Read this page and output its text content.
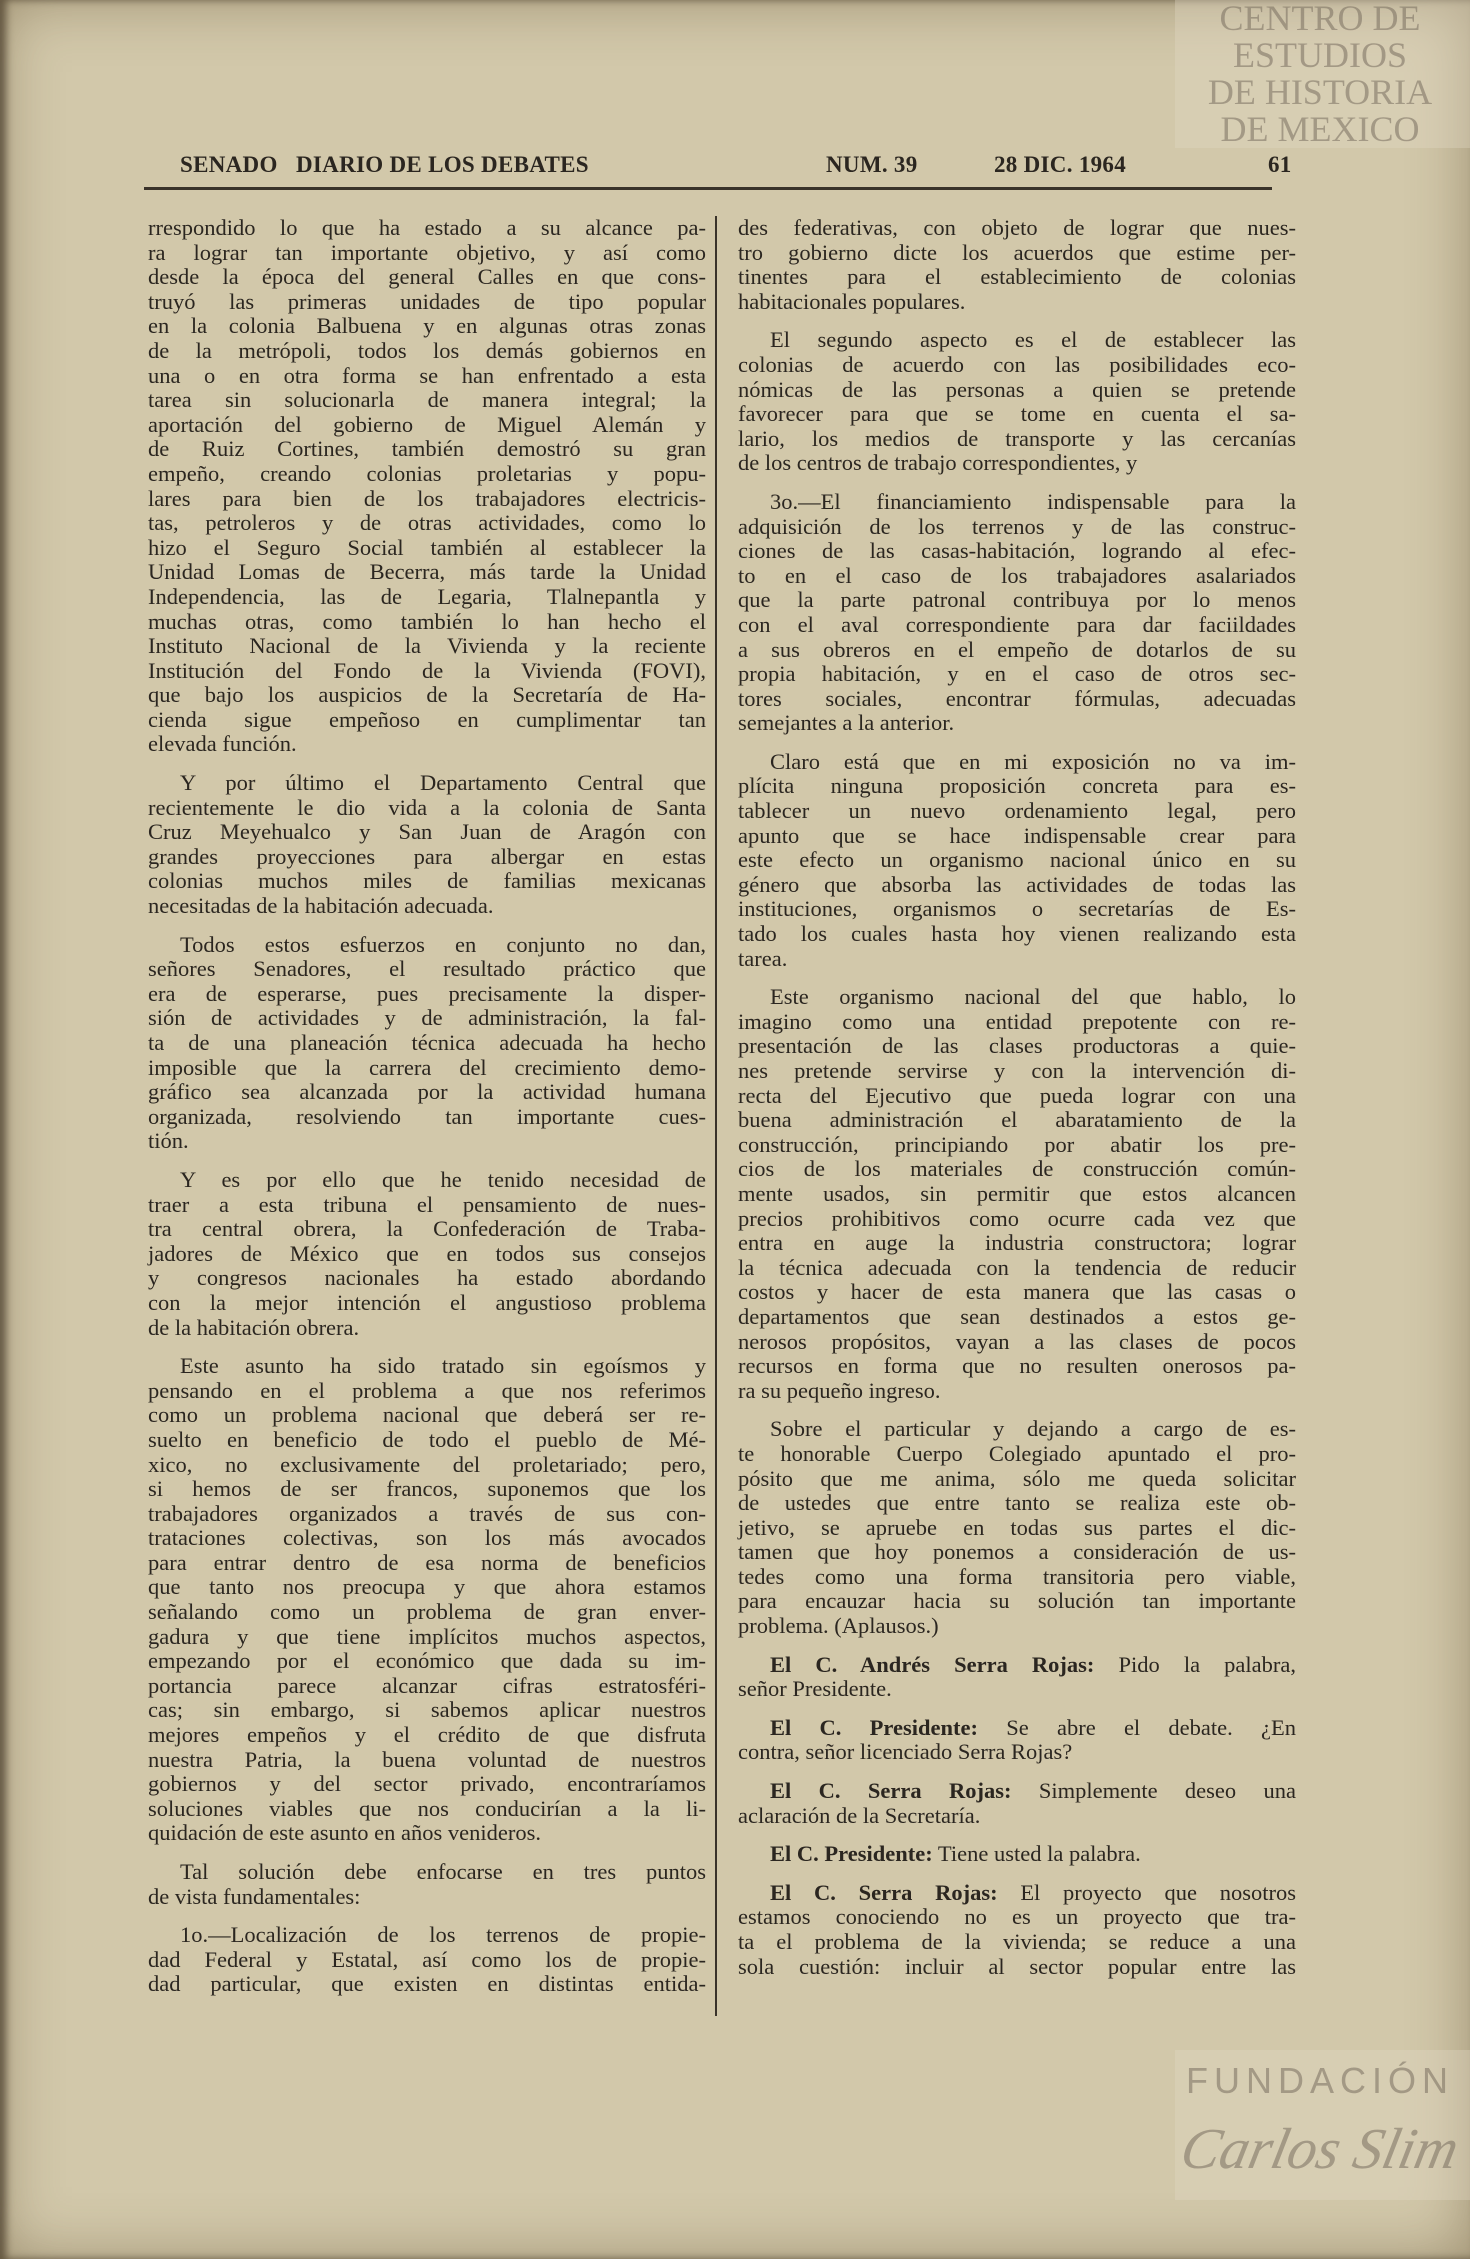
CENTRO DE
ESTUDIOS
DE HISTORIA
DE MEXICO
FUNDACIÓN
Carlos Slim
SENADO DIARIO DE LOS DEBATES	NUM. 39	28 DIC. 1964	61
rrespondido lo que ha estado a su alcance pa-
ra lograr tan importante objetivo, y así como
desde la época del general Calles en que cons-
truyó las primeras unidades de tipo popular
en la colonia Balbuena y en algunas otras zonas
de la metrópoli, todos los demás gobiernos en
una o en otra forma se han enfrentado a esta
tarea sin solucionarla de manera integral; la
aportación del gobierno de Miguel Alemán y
de Ruiz Cortines, también demostró su gran
empeño, creando colonias proletarias y popu-
lares para bien de los trabajadores electricis-
tas, petroleros y de otras actividades, como lo
hizo el Seguro Social también al establecer la
Unidad Lomas de Becerra, más tarde la Unidad
Independencia, las de Legaria, Tlalnepantla y
muchas otras, como también lo han hecho el
Instituto Nacional de la Vivienda y la reciente
Institución del Fondo de la Vivienda (FOVI),
que bajo los auspicios de la Secretaría de Ha-
cienda sigue empeñoso en cumplimentar tan
elevada función.
Y por último el Departamento Central que
recientemente le dio vida a la colonia de Santa
Cruz Meyehualco y San Juan de Aragón con
grandes proyecciones para albergar en estas
colonias muchos miles de familias mexicanas
necesitadas de la habitación adecuada.
Todos estos esfuerzos en conjunto no dan,
señores Senadores, el resultado práctico que
era de esperarse, pues precisamente la disper-
sión de actividades y de administración, la fal-
ta de una planeación técnica adecuada ha hecho
imposible que la carrera del crecimiento demo-
gráfico sea alcanzada por la actividad humana
organizada, resolviendo tan importante cues-
tión.
Y es por ello que he tenido necesidad de
traer a esta tribuna el pensamiento de nues-
tra central obrera, la Confederación de Traba-
jadores de México que en todos sus consejos
y congresos nacionales ha estado abordando
con la mejor intención el angustioso problema
de la habitación obrera.
Este asunto ha sido tratado sin egoísmos y
pensando en el problema a que nos referimos
como un problema nacional que deberá ser re-
suelto en beneficio de todo el pueblo de Mé-
xico, no exclusivamente del proletariado; pero,
si hemos de ser francos, suponemos que los
trabajadores organizados a través de sus con-
trataciones colectivas, son los más avocados
para entrar dentro de esa norma de beneficios
que tanto nos preocupa y que ahora estamos
señalando como un problema de gran enver-
gadura y que tiene implícitos muchos aspectos,
empezando por el económico que dada su im-
portancia parece alcanzar cifras estratosféri-
cas; sin embargo, si sabemos aplicar nuestros
mejores empeños y el crédito de que disfruta
nuestra Patria, la buena voluntad de nuestros
gobiernos y del sector privado, encontraríamos
soluciones viables que nos conducirían a la li-
quidación de este asunto en años venideros.
Tal solución debe enfocarse en tres puntos
de vista fundamentales:
1o.—Localización de los terrenos de propie-
dad Federal y Estatal, así como los de propie-
dad particular, que existen en distintas entida-
des federativas, con objeto de lograr que nues-
tro gobierno dicte los acuerdos que estime per-
tinentes para el establecimiento de colonias
habitacionales populares.
El segundo aspecto es el de establecer las
colonias de acuerdo con las posibilidades eco-
nómicas de las personas a quien se pretende
favorecer para que se tome en cuenta el sa-
lario, los medios de transporte y las cercanías
de los centros de trabajo correspondientes, y
3o.—El financiamiento indispensable para la
adquisición de los terrenos y de las construc-
ciones de las casas-habitación, logrando al efec-
to en el caso de los trabajadores asalariados
que la parte patronal contribuya por lo menos
con el aval correspondiente para dar faciildades
a sus obreros en el empeño de dotarlos de su
propia habitación, y en el caso de otros sec-
tores sociales, encontrar fórmulas, adecuadas
semejantes a la anterior.
Claro está que en mi exposición no va im-
plícita ninguna proposición concreta para es-
tablecer un nuevo ordenamiento legal, pero
apunto que se hace indispensable crear para
este efecto un organismo nacional único en su
género que absorba las actividades de todas las
instituciones, organismos o secretarías de Es-
tado los cuales hasta hoy vienen realizando esta
tarea.
Este organismo nacional del que hablo, lo
imagino como una entidad prepotente con re-
presentación de las clases productoras a quie-
nes pretende servirse y con la intervención di-
recta del Ejecutivo que pueda lograr con una
buena administración el abaratamiento de la
construcción, principiando por abatir los pre-
cios de los materiales de construcción común-
mente usados, sin permitir que estos alcancen
precios prohibitivos como ocurre cada vez que
entra en auge la industria constructora; lograr
la técnica adecuada con la tendencia de reducir
costos y hacer de esta manera que las casas o
departamentos que sean destinados a estos ge-
nerosos propósitos, vayan a las clases de pocos
recursos en forma que no resulten onerosos pa-
ra su pequeño ingreso.
Sobre el particular y dejando a cargo de es-
te honorable Cuerpo Colegiado apuntado el pro-
pósito que me anima, sólo me queda solicitar
de ustedes que entre tanto se realiza este ob-
jetivo, se apruebe en todas sus partes el dic-
tamen que hoy ponemos a consideración de us-
tedes como una forma transitoria pero viable,
para encauzar hacia su solución tan importante
problema. (Aplausos.)
El C. Andrés Serra Rojas: Pido la palabra,
señor Presidente.
El C. Presidente: Se abre el debate. ¿En
contra, señor licenciado Serra Rojas?
El C. Serra Rojas: Simplemente deseo una
aclaración de la Secretaría.
El C. Presidente: Tiene usted la palabra.
El C. Serra Rojas: El proyecto que nosotros
estamos conociendo no es un proyecto que tra-
ta el problema de la vivienda; se reduce a una
sola cuestión: incluir al sector popular entre las
